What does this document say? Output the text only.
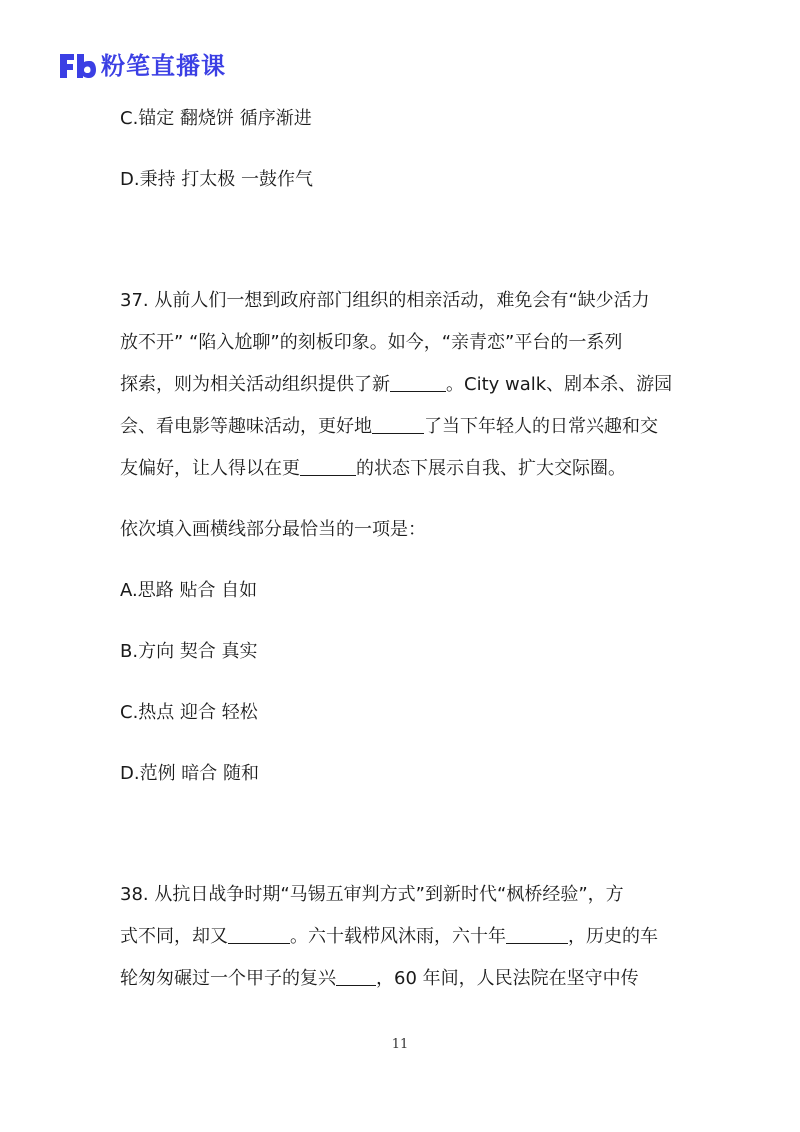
粉笔直播课
C.锚定 翻烧饼 循序渐进
D.秉持 打太极 一鼓作气
37. 从前人们一想到政府部门组织的相亲活动，难免会有“缺少活力
放不开” “陷入尬聊”的刻板印象。如今，“亲青恋”平台的一系列
探索，则为相关活动组织提供了新	。City walk、剧本杀、游园
会、看电影等趣味活动，更好地	了当下年轻人的日常兴趣和交
友偏好，让人得以在更	的状态下展示自我、扩大交际圈。
依次填入画横线部分最恰当的一项是：
A.思路 贴合 自如
B.方向 契合 真实
C.热点 迎合 轻松
D.范例 暗合 随和
38. 从抗日战争时期“马锡五审判方式”到新时代“枫桥经验”，方
式不同，却又	。六十载栉风沐雨，六十年	，历史的车
轮匆匆碾过一个甲子的复兴 ，60 年间，人民法院在坚守中传
11
